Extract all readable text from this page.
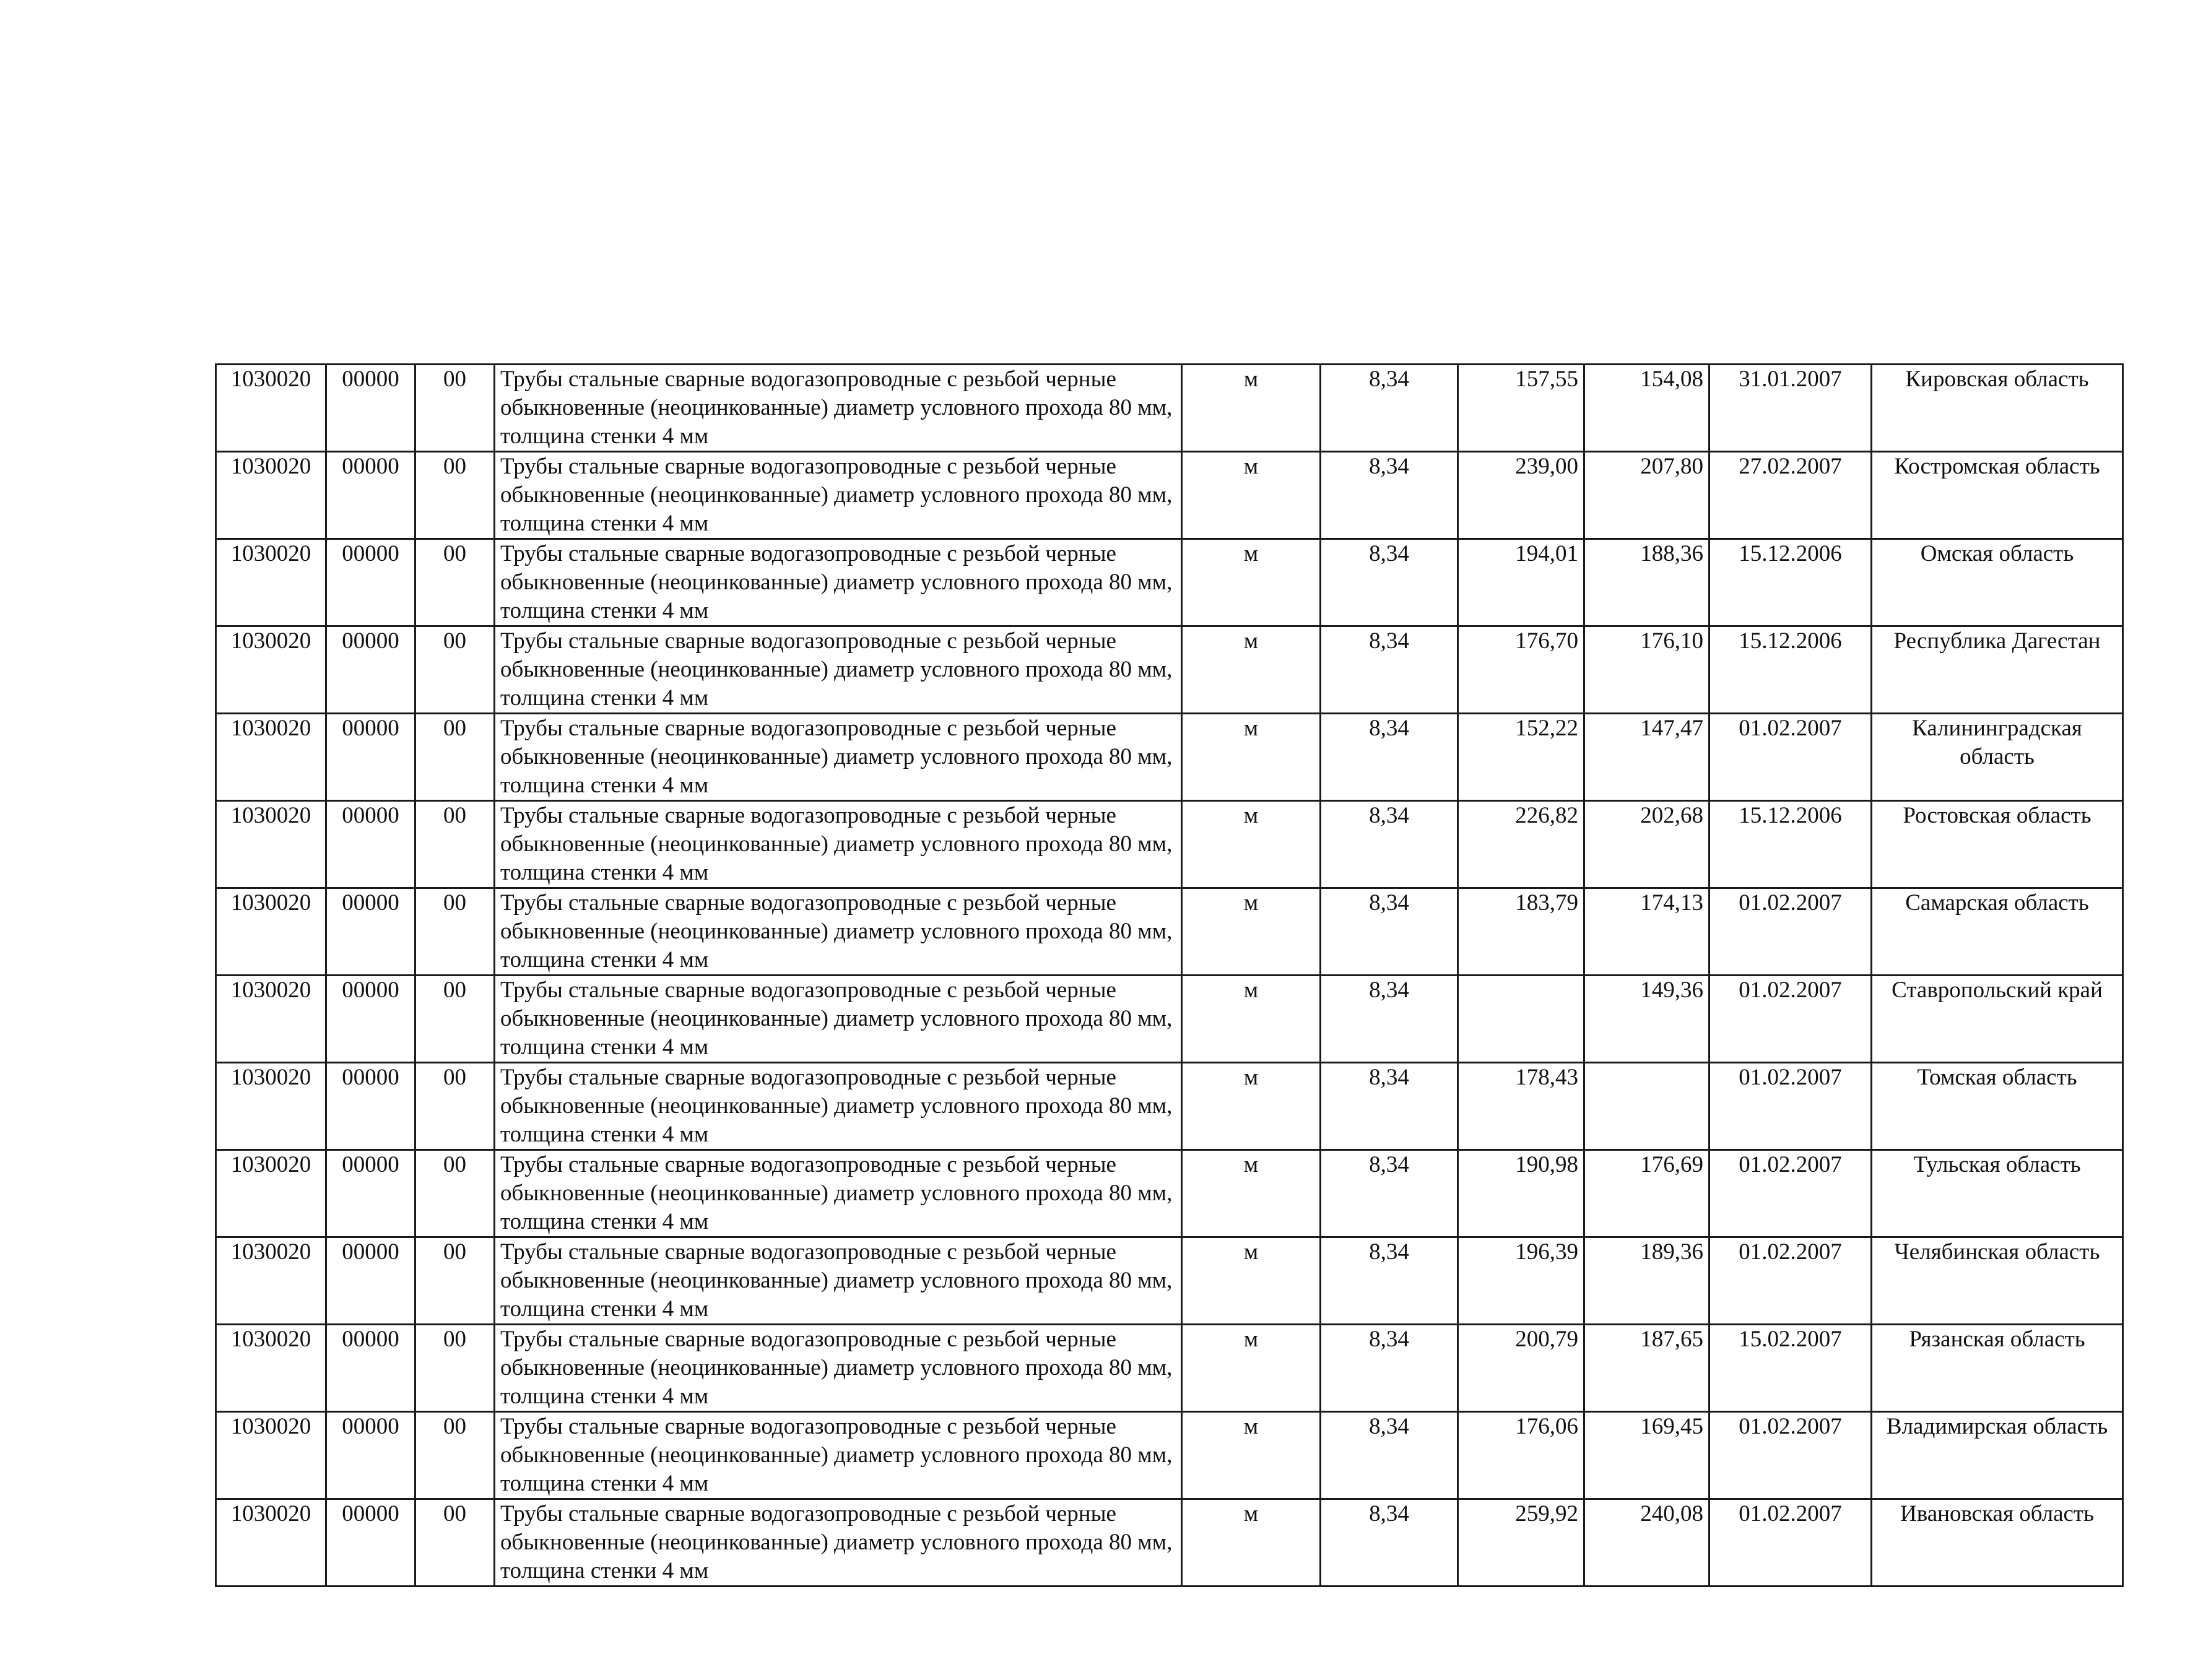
1030020	00000	00	Трубы стальные сварные водогазопроводные с резьбой черные обыкновенные (неоцинкованные) диаметр условного прохода 80 мм, толщина стенки 4 мм	м	8,34	157,55	154,08	31.01.2007	Кировская область
1030020	00000	00	Трубы стальные сварные водогазопроводные с резьбой черные обыкновенные (неоцинкованные) диаметр условного прохода 80 мм, толщина стенки 4 мм	м	8,34	239,00	207,80	27.02.2007	Костромская область
1030020	00000	00	Трубы стальные сварные водогазопроводные с резьбой черные обыкновенные (неоцинкованные) диаметр условного прохода 80 мм, толщина стенки 4 мм	м	8,34	194,01	188,36	15.12.2006	Омская область
1030020	00000	00	Трубы стальные сварные водогазопроводные с резьбой черные обыкновенные (неоцинкованные) диаметр условного прохода 80 мм, толщина стенки 4 мм	м	8,34	176,70	176,10	15.12.2006	Республика Дагестан
1030020	00000	00	Трубы стальные сварные водогазопроводные с резьбой черные обыкновенные (неоцинкованные) диаметр условного прохода 80 мм, толщина стенки 4 мм	м	8,34	152,22	147,47	01.02.2007	Калининградская область
1030020	00000	00	Трубы стальные сварные водогазопроводные с резьбой черные обыкновенные (неоцинкованные) диаметр условного прохода 80 мм, толщина стенки 4 мм	м	8,34	226,82	202,68	15.12.2006	Ростовская область
1030020	00000	00	Трубы стальные сварные водогазопроводные с резьбой черные обыкновенные (неоцинкованные) диаметр условного прохода 80 мм, толщина стенки 4 мм	м	8,34	183,79	174,13	01.02.2007	Самарская область
1030020	00000	00	Трубы стальные сварные водогазопроводные с резьбой черные обыкновенные (неоцинкованные) диаметр условного прохода 80 мм, толщина стенки 4 мм	м	8,34		149,36	01.02.2007	Ставропольский край
1030020	00000	00	Трубы стальные сварные водогазопроводные с резьбой черные обыкновенные (неоцинкованные) диаметр условного прохода 80 мм, толщина стенки 4 мм	м	8,34	178,43		01.02.2007	Томская область
1030020	00000	00	Трубы стальные сварные водогазопроводные с резьбой черные обыкновенные (неоцинкованные) диаметр условного прохода 80 мм, толщина стенки 4 мм	м	8,34	190,98	176,69	01.02.2007	Тульская область
1030020	00000	00	Трубы стальные сварные водогазопроводные с резьбой черные обыкновенные (неоцинкованные) диаметр условного прохода 80 мм, толщина стенки 4 мм	м	8,34	196,39	189,36	01.02.2007	Челябинская область
1030020	00000	00	Трубы стальные сварные водогазопроводные с резьбой черные обыкновенные (неоцинкованные) диаметр условного прохода 80 мм, толщина стенки 4 мм	м	8,34	200,79	187,65	15.02.2007	Рязанская область
1030020	00000	00	Трубы стальные сварные водогазопроводные с резьбой черные обыкновенные (неоцинкованные) диаметр условного прохода 80 мм, толщина стенки 4 мм	м	8,34	176,06	169,45	01.02.2007	Владимирская область
1030020	00000	00	Трубы стальные сварные водогазопроводные с резьбой черные обыкновенные (неоцинкованные) диаметр условного прохода 80 мм, толщина стенки 4 мм	м	8,34	259,92	240,08	01.02.2007	Ивановская область
